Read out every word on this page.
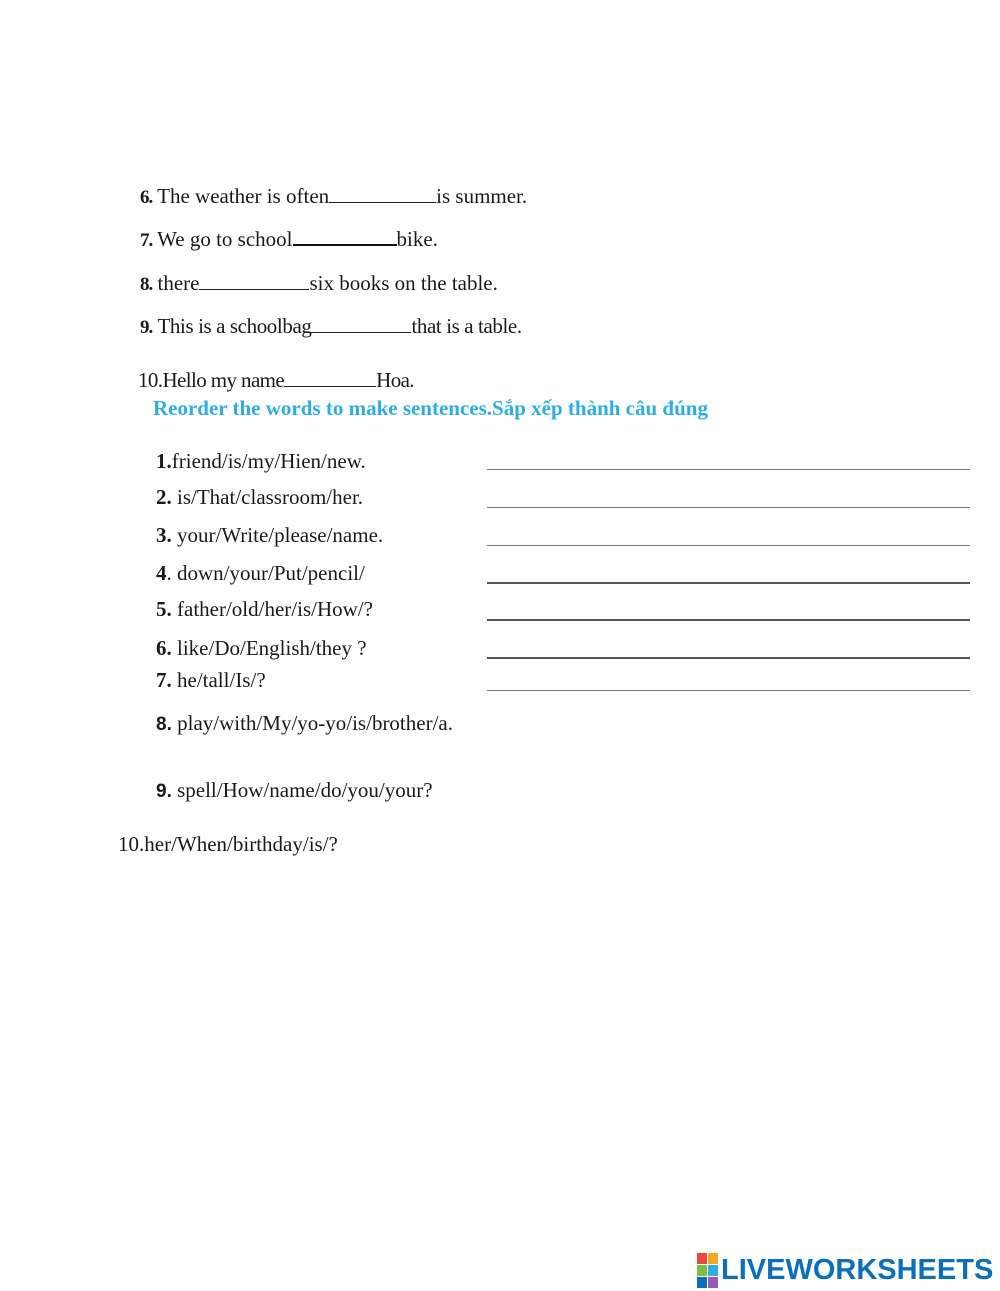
6. The weather is often	is summer.
7. We go to school	bike.
8. there	six books on the table.
9. This is a schoolbag	that is a table.
10.Hello my name	Hoa.
Reorder the words to make sentences.Sắp xếp thành câu đúng
1.friend/is/my/Hien/new.
2. is/That/classroom/her.
3. your/Write/please/name.
4. down/your/Put/pencil/
5. father/old/her/is/How/?
6. like/Do/English/they ?
7. he/tall/Is/?
8. play/with/My/yo-yo/is/brother/a.
9. spell/How/name/do/you/your?
10.her/When/birthday/is/?
LIVEWORKSHEETS
